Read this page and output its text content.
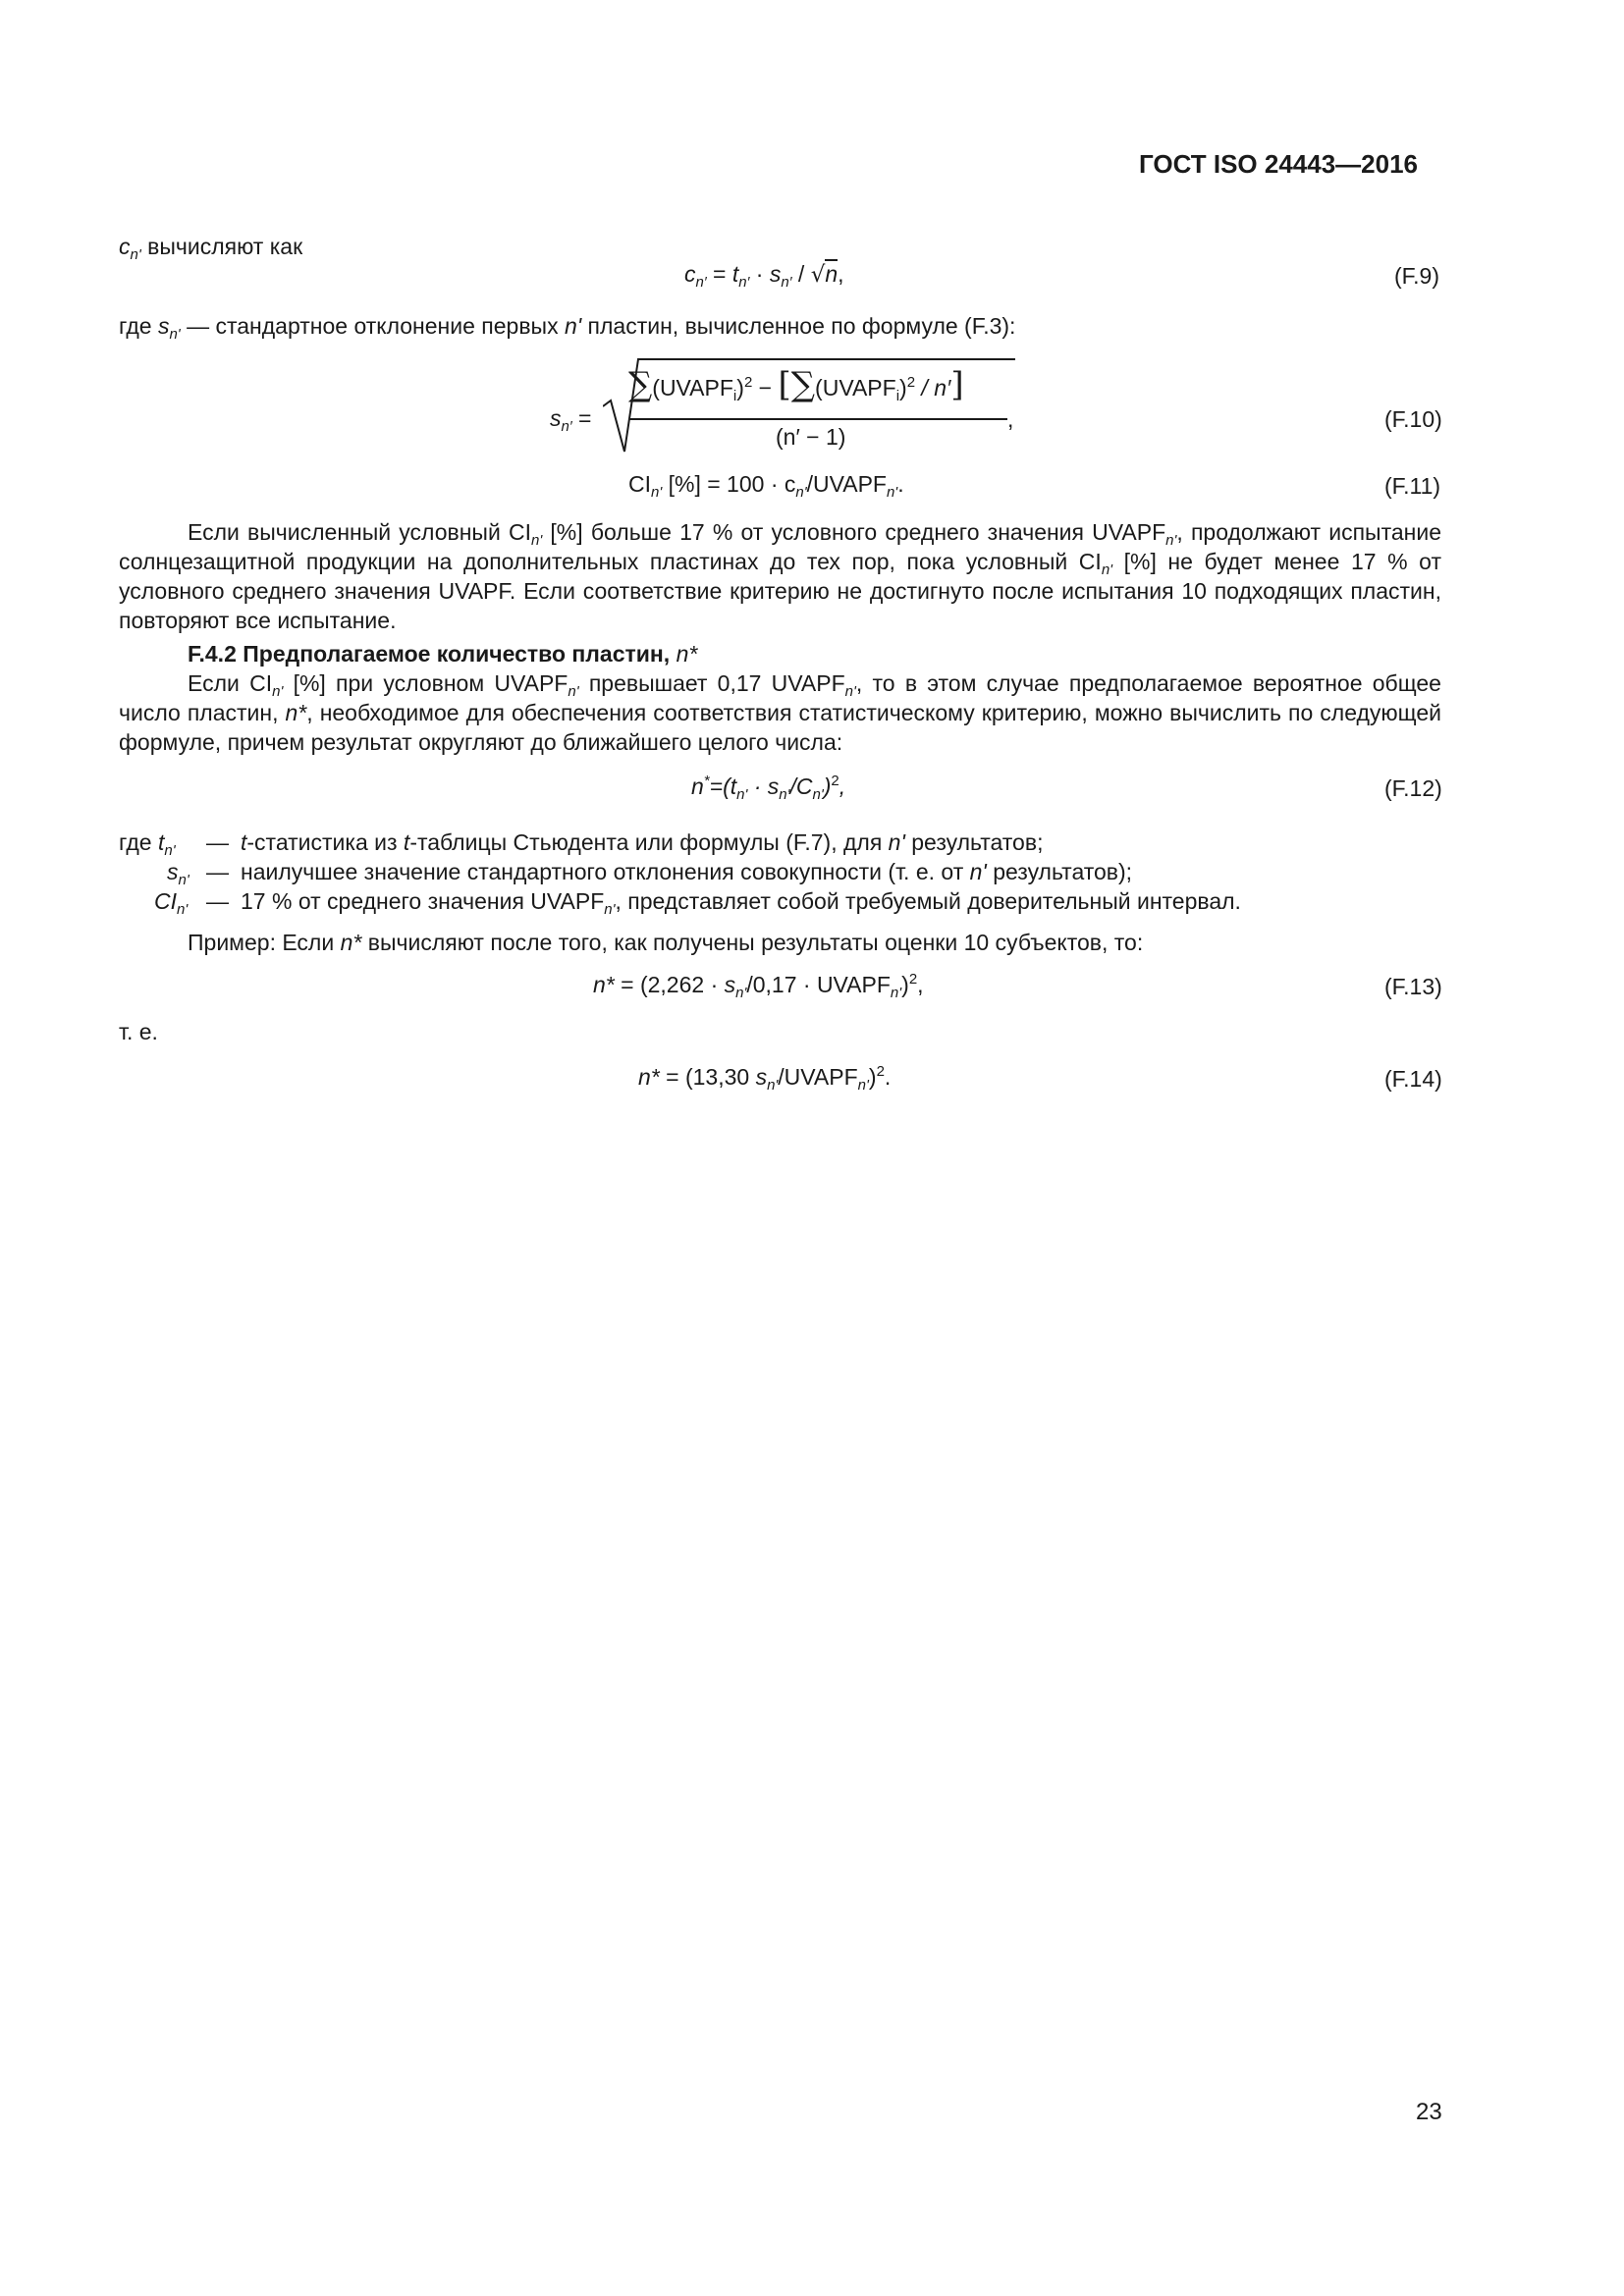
ГОСТ ISO 24443—2016
$c_{n'}$ вычисляют как
$c_{n'} = t_{n'} \cdot s_{n'} / √n$,	(F.9)
где $s_{n'}$ — стандартное отклонение первых n' пластин, вычисленное по формуле (F.3):
$s_{n'}$ =
$\sum(UVAPF_i)^2$ − $[\sum(UVAPF_i)^2 / n']$
(n′ − 1)
,	(F.10)
$CI_{n'}$ [%] = $100 \cdot c_{n'}/UVAPF_{n'}$.	(F.11)
Если вычисленный условный $CI_{n'}$ [%] больше 17 % от условного среднего значения $UVAPF_{n'}$, продолжают испытание солнцезащитной продукции на дополнительных пластинах до тех пор, пока условный $CI_{n'}$ [%] не будет менее 17 % от условного среднего значения UVAPF. Если соответствие критерию не достигнуто после испытания 10 подходящих пластин, повторяют все испытание.
F.4.2 Предполагаемое количество пластин, n*
Если $CI_{n'}$ [%] при условном $UVAPF_{n'}$ превышает 0,17 $UVAPF_{n'}$, то в этом случае предполагаемое вероятное общее число пластин, n*, необходимое для обеспечения соответствия статистическому критерию, можно вычислить по следующей формуле, причем результат округляют до ближайшего целого числа:
$n^*=(t_{n'} \cdot s_{n'}/C_{n'})^2$,	(F.12)
где $t_{n'}$ — t-статистика из t-таблицы Стьюдента или формулы (F.7), для n' результатов;
$s_{n'}$ — наилучшее значение стандартного отклонения совокупности (т. е. от n' результатов);
$CI_{n'}$ — 17 % от среднего значения $UVAPF_{n'}$, представляет собой требуемый доверительный интервал.
Пример: Если n* вычисляют после того, как получены результаты оценки 10 субъектов, то:
$n* = (2,262 \cdot s_{n'}/0,17$ · $UVAPF_{n'})^2$,	(F.13)
т. е.
n* = (13,30 $s_{n'}/UVAPF_{n'})^2$.	(F.14)
23
